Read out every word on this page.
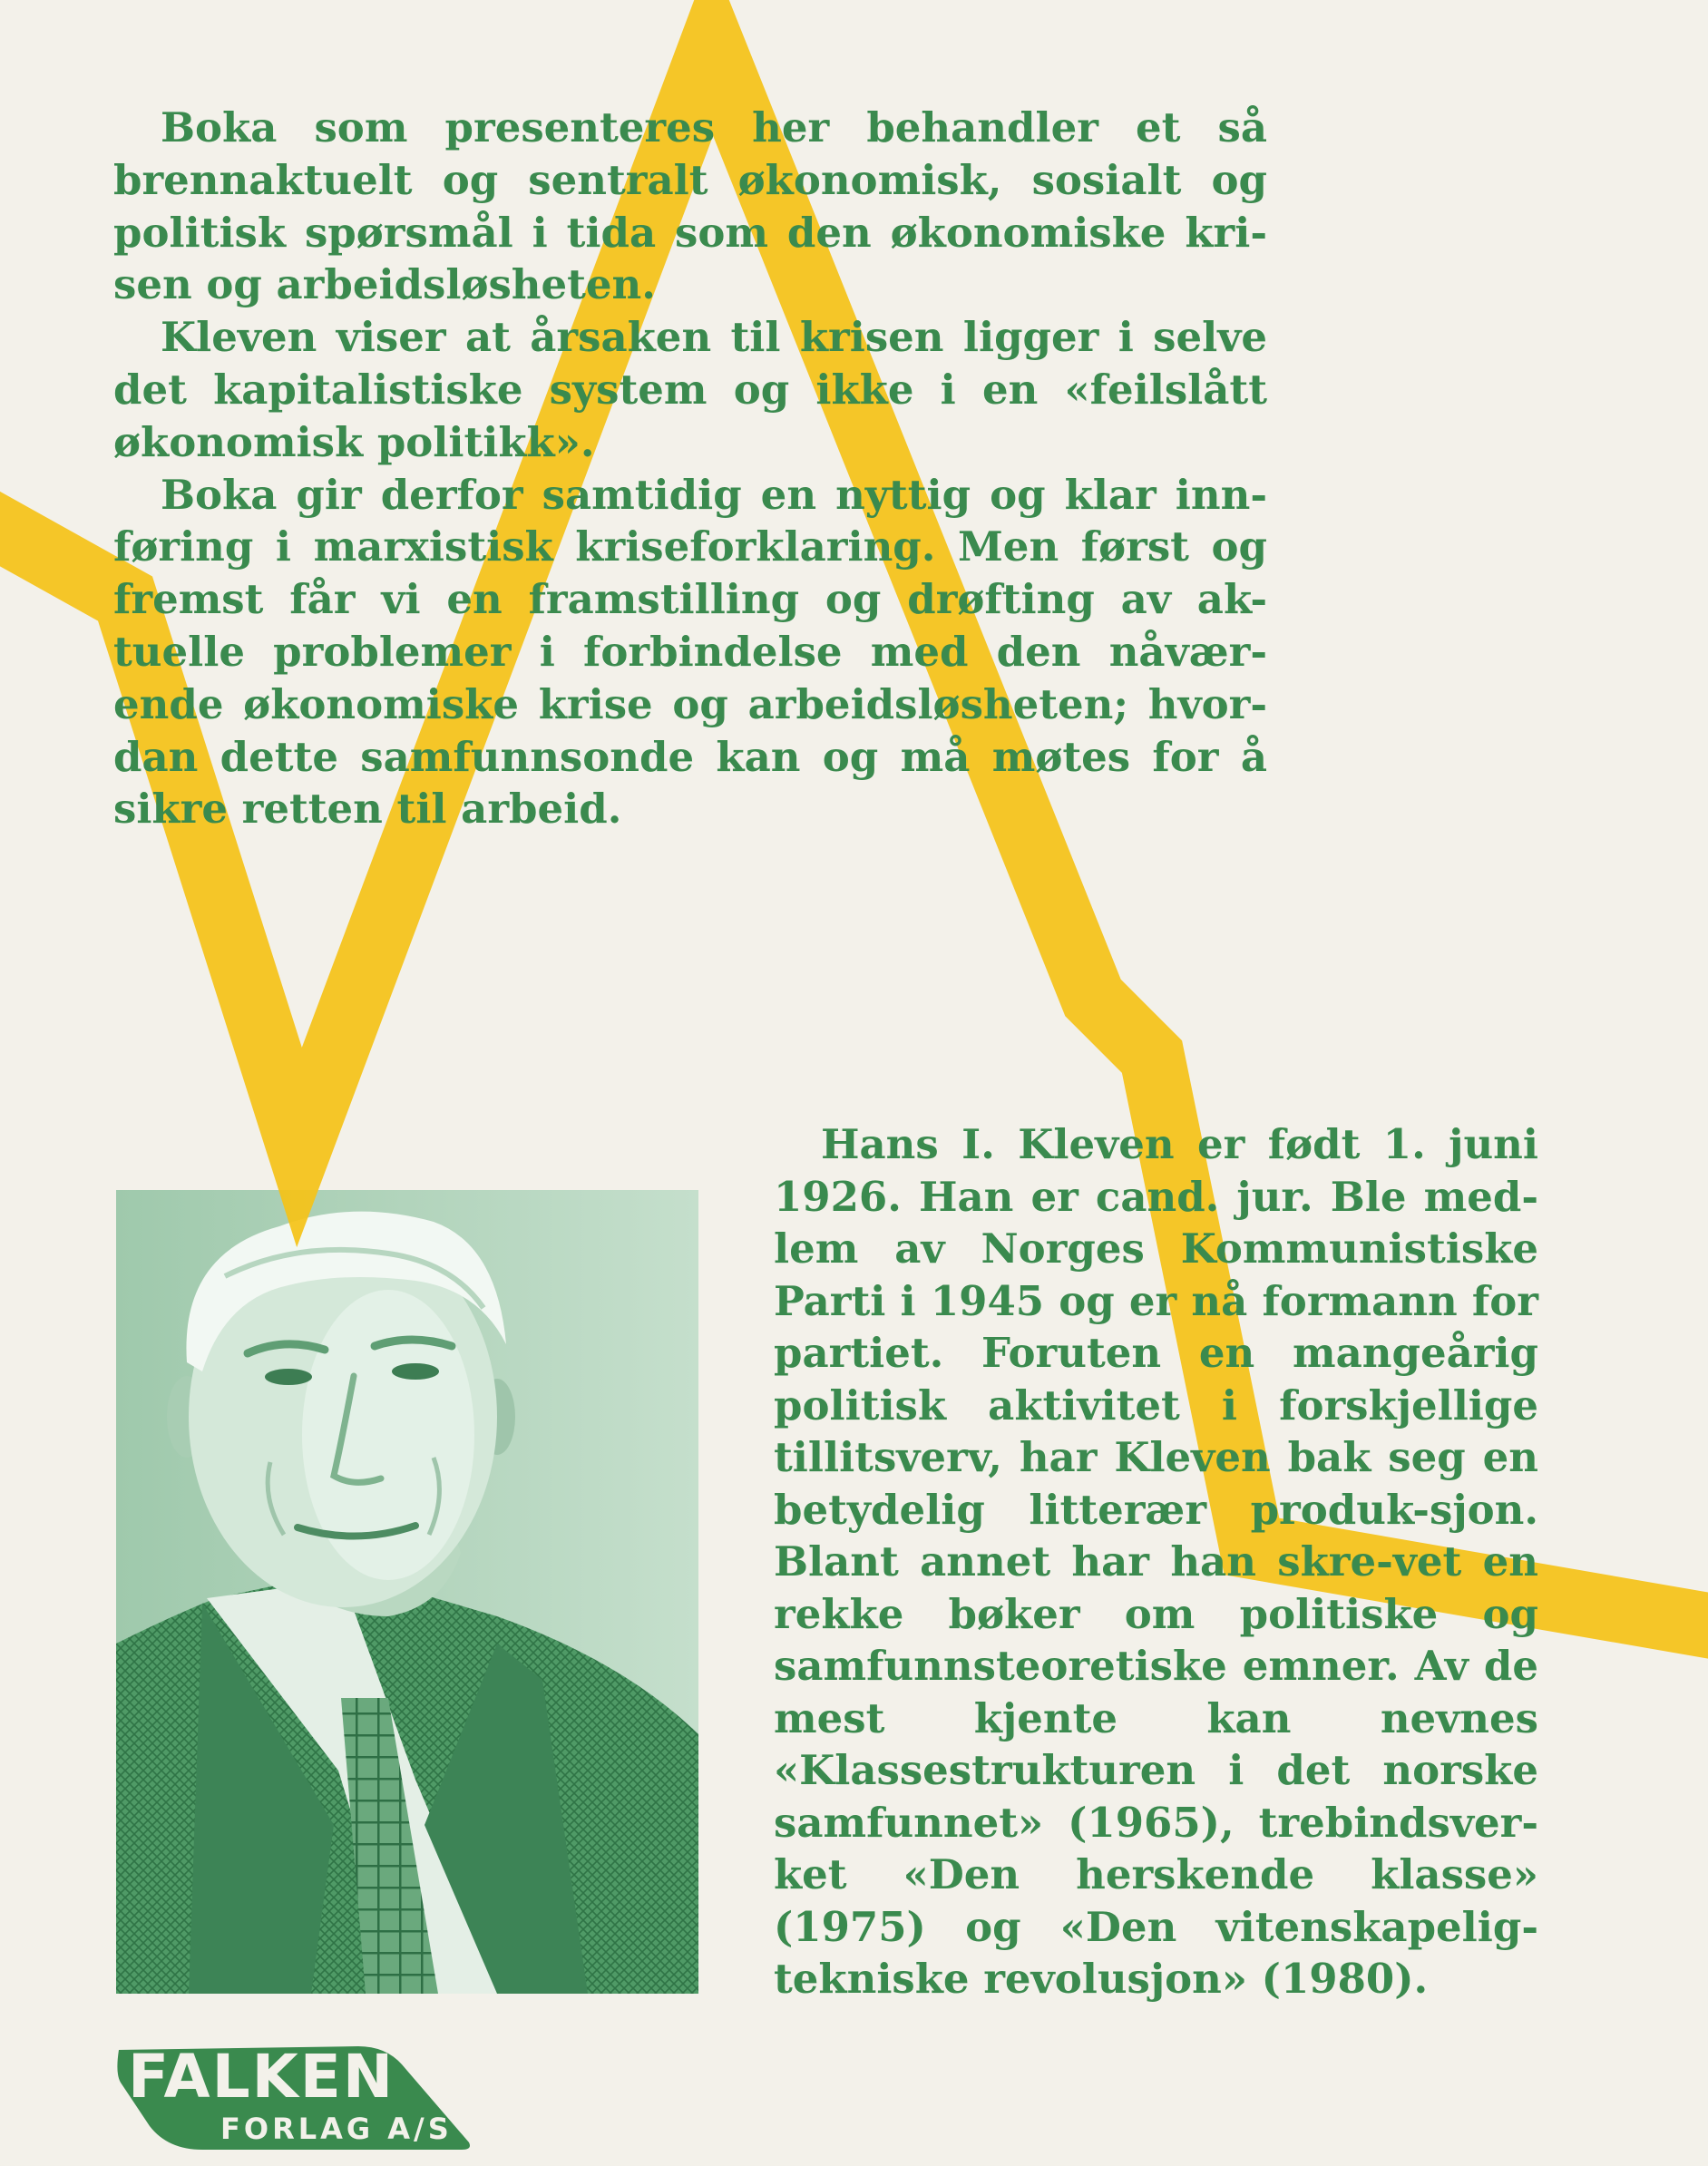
Boka som presenteres her behandler et så brennaktuelt og sentralt økonomisk, sosialt og politisk spørsmål i tida som den økonomiske kri-sen og arbeidsløsheten.

Kleven viser at årsaken til krisen ligger i selve det kapitalistiske system og ikke i en «feilslått økonomisk politikk».

Boka gir derfor samtidig en nyttig og klar inn-føring i marxistisk kriseforklaring. Men først og fremst får vi en framstilling og drøfting av ak-tuelle problemer i forbindelse med den nåvær-ende økonomiske krise og arbeidsløsheten; hvor-dan dette samfunnsonde kan og må møtes for å sikre retten til arbeid.

Hans I. Kleven er født 1. juni 1926. Han er cand. jur. Ble med-lem av Norges Kommunistiske Parti i 1945 og er nå formann for partiet. Foruten en mangeårig politisk aktivitet i forskjellige tillitsverv, har Kleven bak seg en betydelig litterær produk-sjon. Blant annet har han skre-vet en rekke bøker om politiske og samfunnsteoretiske emner. Av de mest kjente kan nevnes «Klassestrukturen i det norske samfunnet» (1965), trebindsver-ket «Den herskende klasse» (1975) og «Den vitenskapelig-tekniske revolusjon» (1980).

FALKEN
FORLAG A/S
